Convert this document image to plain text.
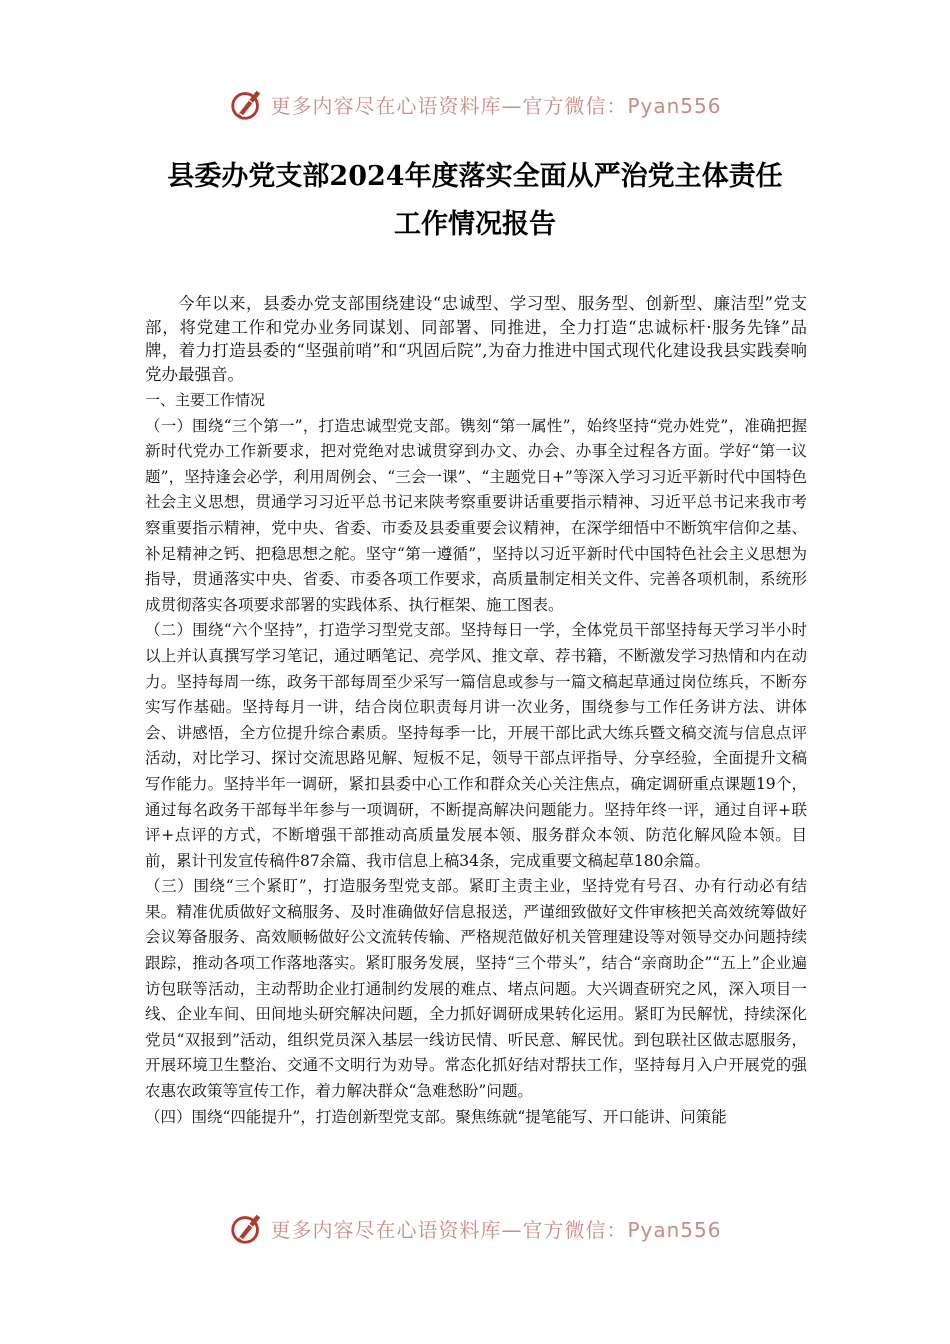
更多内容尽在心语资料库—官方微信：Pyan556
县委办党支部2024年度落实全面从严治党主体责任
工作情况报告

今年以来，县委办党支部围绕建设“忠诚型、学习型、服务型、创新型、廉洁型”党支部，将党建工作和党办业务同谋划、同部署、同推进，全力打造“忠诚标杆·服务先锋”品牌，着力打造县委的“坚强前哨”和“巩固后院”,为奋力推进中国式现代化建设我县实践奏响党办最强音。

一、主要工作情况

（一）围绕“三个第一”，打造忠诚型党支部。镌刻“第一属性”，始终坚持“党办姓党”，准确把握新时代党办工作新要求，把对党绝对忠诚贯穿到办文、办会、办事全过程各方面。学好“第一议题”，坚持逢会必学，利用周例会、“三会一课”、“主题党日+”等深入学习习近平新时代中国特色社会主义思想，贯通学习习近平总书记来陕考察重要讲话重要指示精神、习近平总书记来我市考察重要指示精神，党中央、省委、市委及县委重要会议精神，在深学细悟中不断筑牢信仰之基、补足精神之钙、把稳思想之舵。坚守“第一遵循”，坚持以习近平新时代中国特色社会主义思想为指导，贯通落实中央、省委、市委各项工作要求，高质量制定相关文件、完善各项机制，系统形成贯彻落实各项要求部署的实践体系、执行框架、施工图表。

（二）围绕“六个坚持”，打造学习型党支部。坚持每日一学，全体党员干部坚持每天学习半小时以上并认真撰写学习笔记，通过晒笔记、亮学风、推文章、荐书籍，不断激发学习热情和内在动力。坚持每周一练，政务干部每周至少采写一篇信息或参与一篇文稿起草通过岗位练兵，不断夯实写作基础。坚持每月一讲，结合岗位职责每月讲一次业务，围绕参与工作任务讲方法、讲体会、讲感悟，全方位提升综合素质。坚持每季一比，开展干部比武大练兵暨文稿交流与信息点评活动，对比学习、探讨交流思路见解、短板不足，领导干部点评指导、分享经验，全面提升文稿写作能力。坚持半年一调研，紧扣县委中心工作和群众关心关注焦点，确定调研重点课题19个，通过每名政务干部每半年参与一项调研，不断提高解决问题能力。坚持年终一评，通过自评+联评+点评的方式，不断增强干部推动高质量发展本领、服务群众本领、防范化解风险本领。目前，累计刊发宣传稿件87余篇、我市信息上稿34条，完成重要文稿起草180余篇。

（三）围绕“三个紧盯”，打造服务型党支部。紧盯主责主业，坚持党有号召、办有行动必有结果。精准优质做好文稿服务、及时准确做好信息报送，严谨细致做好文件审核把关高效统筹做好会议筹备服务、高效顺畅做好公文流转传输、严格规范做好机关管理建设等对领导交办问题持续跟踪，推动各项工作落地落实。紧盯服务发展，坚持“三个带头”，结合“亲商助企”“五上”企业遍访包联等活动，主动帮助企业打通制约发展的难点、堵点问题。大兴调查研究之风，深入项目一线、企业车间、田间地头研究解决问题，全力抓好调研成果转化运用。紧盯为民解忧，持续深化党员“双报到”活动，组织党员深入基层一线访民情、听民意、解民忧。到包联社区做志愿服务，开展环境卫生整治、交通不文明行为劝导。常态化抓好结对帮扶工作，坚持每月入户开展党的强农惠农政策等宣传工作，着力解决群众“急难愁盼”问题。

（四）围绕“四能提升”，打造创新型党支部。聚焦练就“提笔能写、开口能讲、问策能

更多内容尽在心语资料库—官方微信：Pyan556
